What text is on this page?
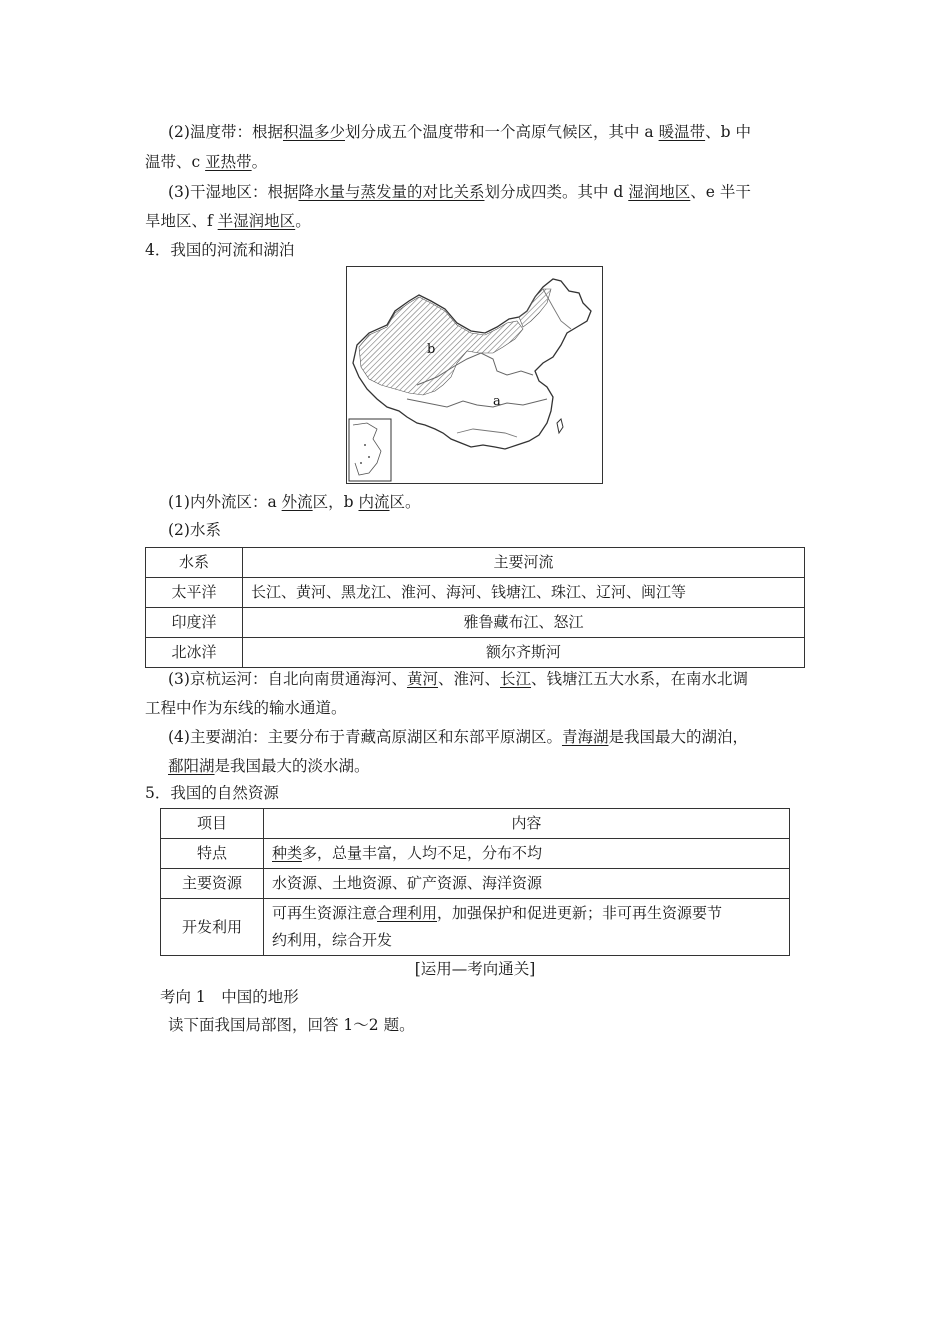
(2)温度带：根据积温多少划分成五个温度带和一个高原气候区，其中 a 暖温带、b 中
温带、c 亚热带。
(3)干湿地区：根据降水量与蒸发量的对比关系划分成四类。其中 d 湿润地区、e 半干
旱地区、f 半湿润地区。
4．我国的河流和湖泊
b
a
(1)内外流区：a 外流区，b 内流区。
(2)水系
水系	主要河流
太平洋	长江、黄河、黑龙江、淮河、海河、钱塘江、珠江、辽河、闽江等
印度洋	雅鲁藏布江、怒江
北冰洋	额尔齐斯河
(3)京杭运河：自北向南贯通海河、黄河、淮河、长江、钱塘江五大水系，在南水北调
工程中作为东线的输水通道。
(4)主要湖泊：主要分布于青藏高原湖区和东部平原湖区。青海湖是我国最大的湖泊，
鄱阳湖是我国最大的淡水湖。
5．我国的自然资源
项目	内容
特点	种类多，总量丰富，人均不足，分布不均
主要资源	水资源、土地资源、矿产资源、海洋资源
开发利用	可再生资源注意合理利用，加强保护和促进更新；非可再生资源要节
约利用，综合开发
[运用—考向通关]
考向 1　中国的地形
读下面我国局部图，回答 1～2 题。
